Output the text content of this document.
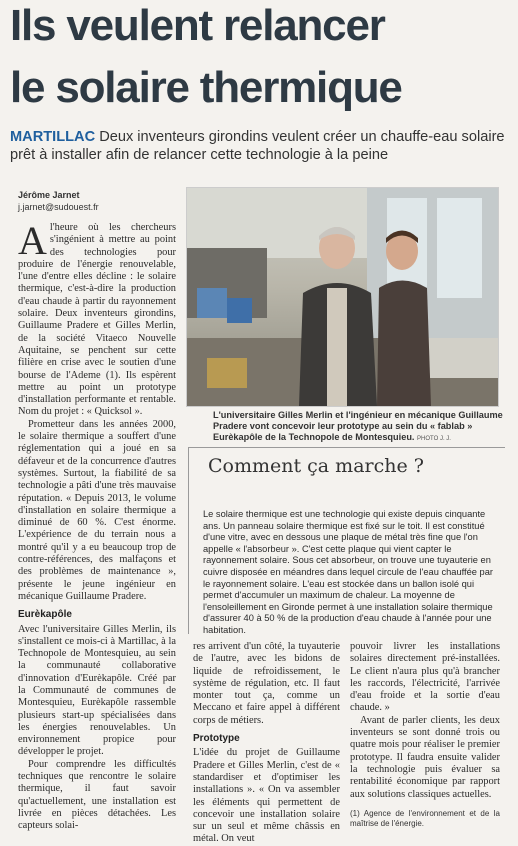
Ils veulent relancer
le solaire thermique
MARTILLAC Deux inventeurs girondins veulent créer un chauffe-eau solaire prêt à installer afin de relancer cette technologie à la peine
Jérôme Jarnet
j.jarnet@sudouest.fr

Al'heure où les chercheurs s'ingénient à mettre au point des technologies pour produire de l'énergie renouvelable, l'une d'entre elles décline : le solaire thermique, c'est-à-dire la production d'eau chaude à partir du rayonnement solaire. Deux inventeurs girondins, Guillaume Pradere et Gilles Merlin, de la société Vitaeco Nouvelle Aquitaine, se penchent sur cette filière en crise avec le soutien d'une bourse de l'Ademe (1). Ils espèrent mettre au point un prototype d'installation performante et rentable. Nom du projet : « Quicksol ».

Prometteur dans les années 2000, le solaire thermique a souffert d'une réglementation qui a joué en sa défaveur et de la concurrence d'autres systèmes. Surtout, la fiabilité de sa technologie a pâti d'une très mauvaise réputation. « Depuis 2013, le volume d'installation en solaire thermique a diminué de 60 %. C'est énorme. L'expérience de du terrain nous a montré qu'il y a eu beaucoup trop de contre-références, des malfaçons et des problèmes de maintenance », présente le jeune ingénieur en mécanique Guillaume Pradere.

Eurèkapôle

Avec l'universitaire Gilles Merlin, ils s'installent ce mois-ci à Martillac, à la Technopole de Montesquieu, au sein la communauté collaborative d'innovation d'Eurèkapôle. Créé par la Communauté de communes de Montesquieu, Eurèkapôle rassemble plusieurs start-up spécialisées dans les énergies renouvelables. Un environnement propice pour développer le projet.

Pour comprendre les difficultés techniques que rencontre le solaire thermique, il faut savoir qu'actuellement, une installation est livrée en pièces détachées. Les capteurs solai-

L'universitaire Gilles Merlin et l'ingénieur en mécanique Guillaume Pradere vont concevoir leur prototype au sein du « fablab » Eurèkapôle de la Technopole de Montesquieu. PHOTO J. J.
Comment ça marche ?
Le solaire thermique est une technologie qui existe depuis cinquante ans. Un panneau solaire thermique est fixé sur le toit. Il est constitué d'une vitre, avec en dessous une plaque de métal très fine que l'on appelle « l'absorbeur ». C'est cette plaque qui vient capter le rayonnement solaire. Sous cet absorbeur, on trouve une tuyauterie en cuivre disposée en méandres dans lequel circule de l'eau chauffée par le rayonnement solaire. L'eau est stockée dans un ballon isolé qui permet d'accumuler un maximum de chaleur. La moyenne de l'ensoleillement en Gironde permet à une installation solaire thermique d'assurer 40 à 50 % de la production d'eau chaude à l'année pour une habitation.

res arrivent d'un côté, la tuyauterie de l'autre, avec les bidons de liquide de refroidissement, le système de régulation, etc. Il faut monter tout ça, comme un Meccano et faire appel à différent corps de métiers.

Prototype

L'idée du projet de Guillaume Pradere et Gilles Merlin, c'est de « standardiser et d'optimiser les installations ». « On va assembler les éléments qui permettent de concevoir une installation solaire sur un seul et même châssis en métal. On veut

pouvoir livrer les installations solaires directement pré-installées. Le client n'aura plus qu'à brancher les raccords, l'électricité, l'arrivée d'eau froide et la sortie d'eau chaude. »

Avant de parler clients, les deux inventeurs se sont donné trois ou quatre mois pour réaliser le premier prototype. Il faudra ensuite valider la technologie puis évaluer sa rentabilité économique par rapport aux solutions classiques actuelles.

(1) Agence de l'environnement et de la maîtrise de l'énergie.
